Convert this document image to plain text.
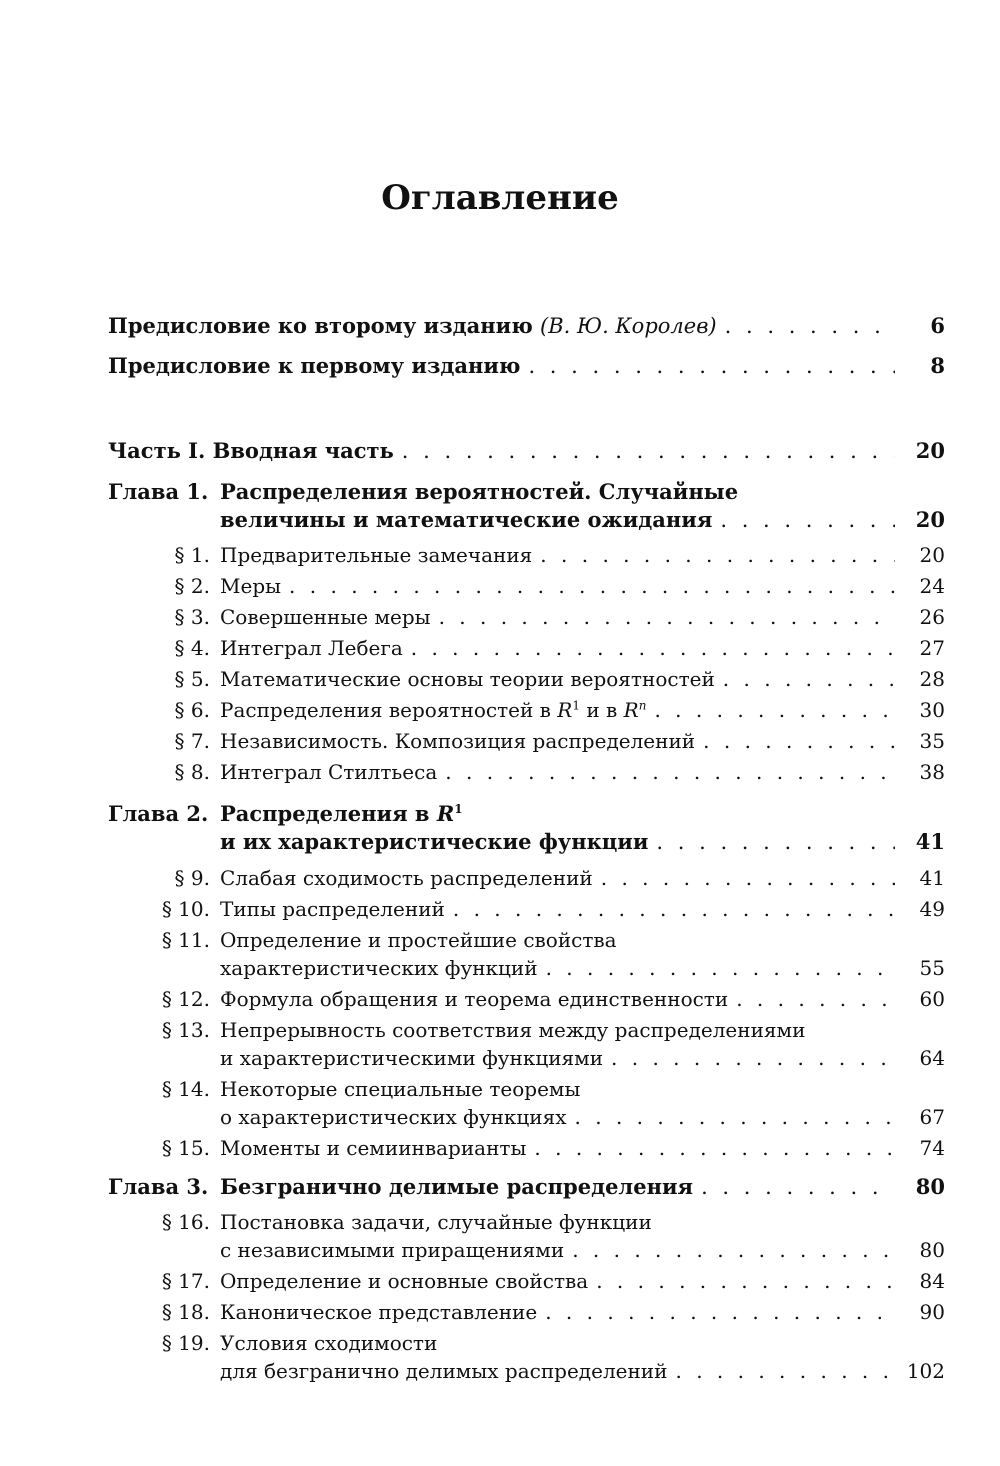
Оглавление
Предисловие ко второму изданию (В. Ю. Королев) . . .	6
Предисловие к первому изданию . . .	8
Часть I. Вводная часть . . .	20
Глава 1. Распределения вероятностей. Случайные
величины и математические ожидания . . .	20
§ 1. Предварительные замечания . . .	20
§ 2. Меры . . .	24
§ 3. Совершенные меры . . .	26
§ 4. Интеграл Лебега . . .	27
§ 5. Математические основы теории вероятностей . . .	28
§ 6. Распределения вероятностей в $R^1$ и в $R^n$ . . .	30
§ 7. Независимость. Композиция распределений . . .	35
§ 8. Интеграл Стилтьеса . . .	38
Глава 2. Распределения в $R^1$
и их характеристические функции . . .	41
§ 9. Слабая сходимость распределений . . .	41
§ 10. Типы распределений . . .	49
§ 11. Определение и простейшие свойства
характеристических функций . . .	55
§ 12. Формула обращения и теорема единственности . . .	60
§ 13. Непрерывность соответствия между распределениями
и характеристическими функциями . . .	64
§ 14. Некоторые специальные теоремы
о характеристических функциях . . .	67
§ 15. Моменты и семиинварианты . . .	74
Глава 3. Безгранично делимые распределения . . .	80
§ 16. Постановка задачи, случайные функции
с независимыми приращениями . . .	80
§ 17. Определение и основные свойства . . .	84
§ 18. Каноническое представление . . .	90
§ 19. Условия сходимости
для безгранично делимых распределений . . .	102
